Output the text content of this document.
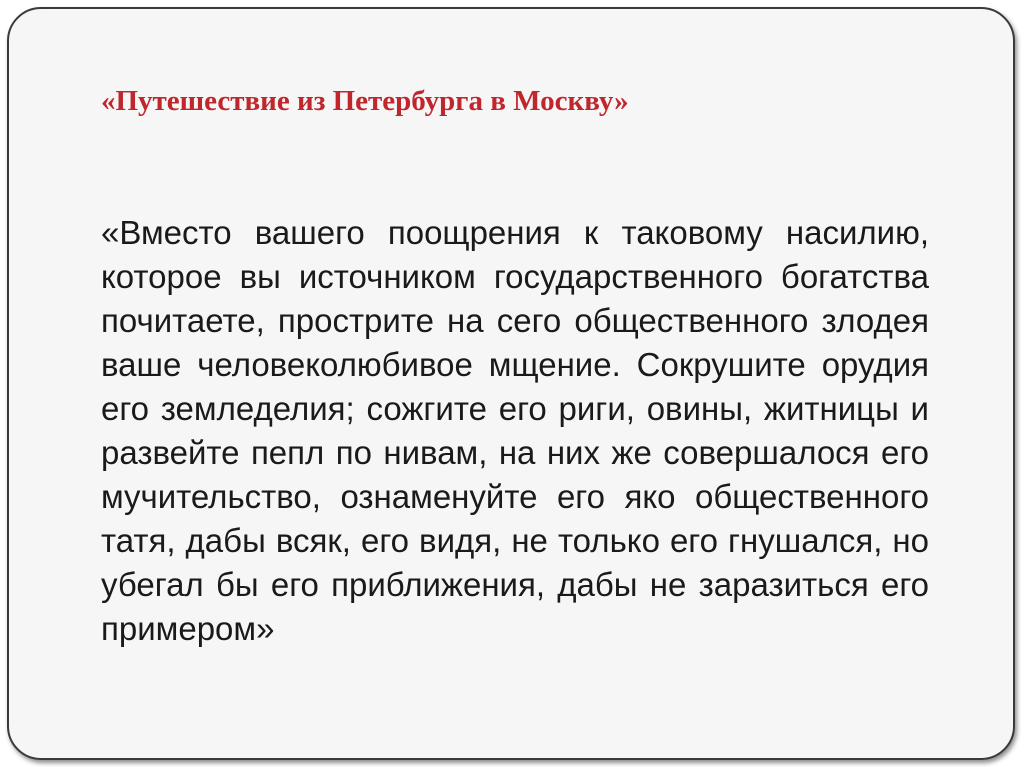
«Путешествие из Петербурга в Москву»

«Вместо вашего поощрения к таковому насилию, которое вы источником государственного богатства почитаете, прострите на сего общественного злодея ваше человеколюбивое мщение. Сокрушите орудия его земледелия; сожгите его риги, овины, житницы и развейте пепл по нивам, на них же совершалося его мучительство, ознаменуйте его яко общественного татя, дабы всяк, его видя, не только его гнушался, но убегал бы его приближения, дабы не заразиться его примером»
